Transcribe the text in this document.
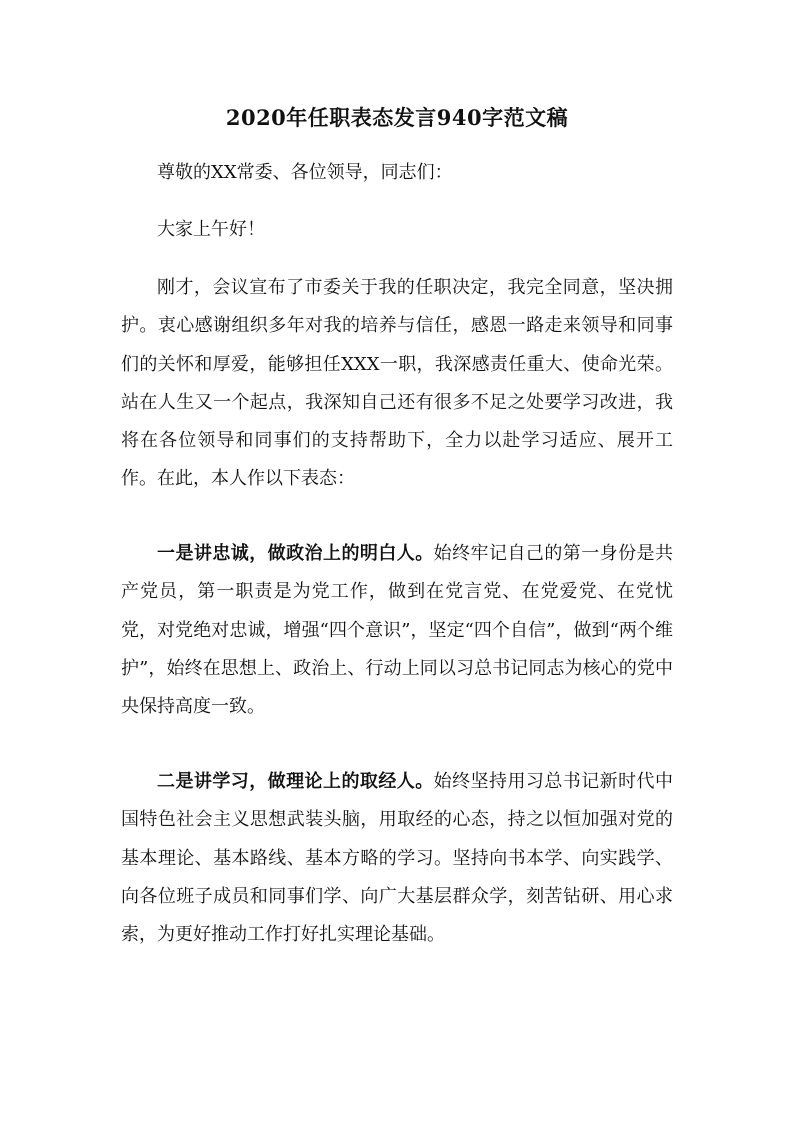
2020年任职表态发言940字范文稿
尊敬的XX常委、各位领导，同志们：
大家上午好！

刚才，会议宣布了市委关于我的任职决定，我完全同意，坚决拥护。衷心感谢组织多年对我的培养与信任，感恩一路走来领导和同事们的关怀和厚爱，能够担任XXX一职，我深感责任重大、使命光荣。站在人生又一个起点，我深知自己还有很多不足之处要学习改进，我将在各位领导和同事们的支持帮助下，全力以赴学习适应、展开工作。在此，本人作以下表态：

一是讲忠诚，做政治上的明白人。始终牢记自己的第一身份是共产党员，第一职责是为党工作，做到在党言党、在党爱党、在党忧党，对党绝对忠诚，增强“四个意识”，坚定“四个自信”，做到“两个维护”，始终在思想上、政治上、行动上同以习总书记同志为核心的党中央保持高度一致。

二是讲学习，做理论上的取经人。始终坚持用习总书记新时代中国特色社会主义思想武装头脑，用取经的心态，持之以恒加强对党的基本理论、基本路线、基本方略的学习。坚持向书本学、向实践学、向各位班子成员和同事们学、向广大基层群众学，刻苦钻研、用心求索，为更好推动工作打好扎实理论基础。
